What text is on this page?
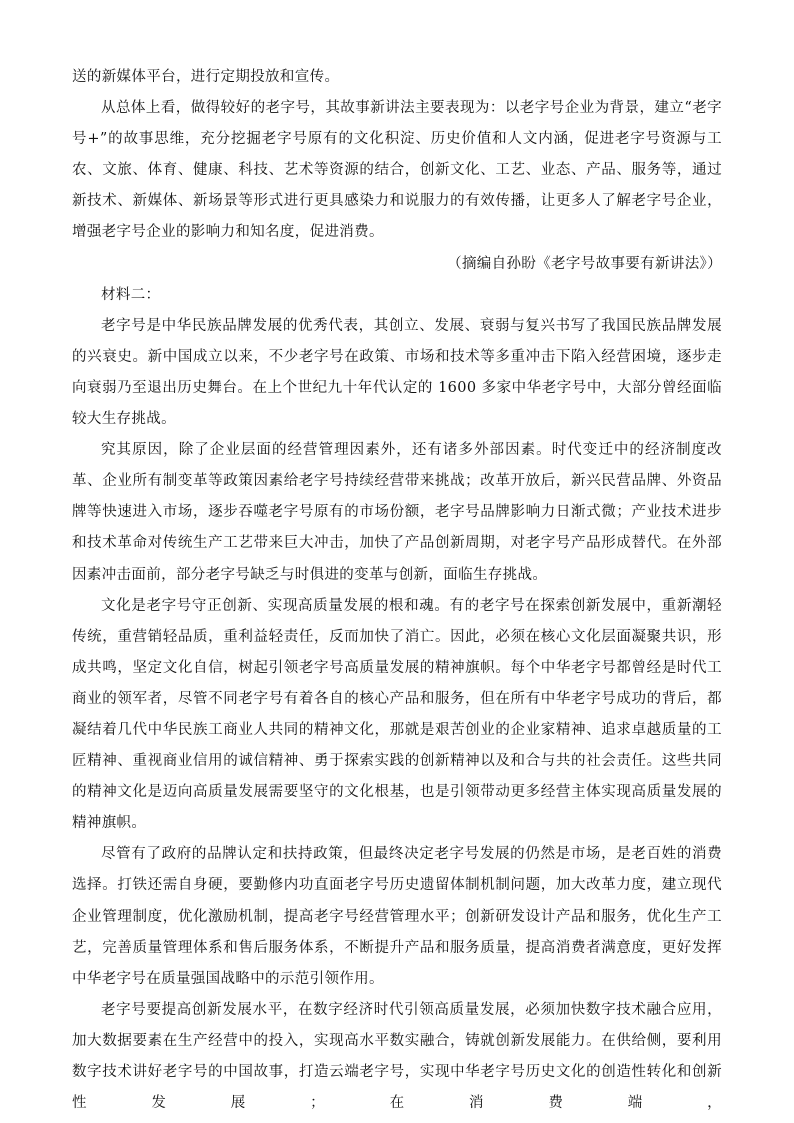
送的新媒体平台，进行定期投放和宣传。

从总体上看，做得较好的老字号，其故事新讲法主要表现为：以老字号企业为背景，建立“老字号+”的故事思维，充分挖掘老字号原有的文化积淀、历史价值和人文内涵，促进老字号资源与工农、文旅、体育、健康、科技、艺术等资源的结合，创新文化、工艺、业态、产品、服务等，通过新技术、新媒体、新场景等形式进行更具感染力和说服力的有效传播，让更多人了解老字号企业，增强老字号企业的影响力和知名度，促进消费。

（摘编自孙盼《老字号故事要有新讲法》）

材料二：

老字号是中华民族品牌发展的优秀代表，其创立、发展、衰弱与复兴书写了我国民族品牌发展的兴衰史。新中国成立以来，不少老字号在政策、市场和技术等多重冲击下陷入经营困境，逐步走向衰弱乃至退出历史舞台。在上个世纪九十年代认定的 1600 多家中华老字号中，大部分曾经面临较大生存挑战。

究其原因，除了企业层面的经营管理因素外，还有诸多外部因素。时代变迁中的经济制度改革、企业所有制变革等政策因素给老字号持续经营带来挑战；改革开放后，新兴民营品牌、外资品牌等快速进入市场，逐步吞噬老字号原有的市场份额，老字号品牌影响力日渐式微；产业技术进步和技术革命对传统生产工艺带来巨大冲击，加快了产品创新周期，对老字号产品形成替代。在外部因素冲击面前，部分老字号缺乏与时俱进的变革与创新，面临生存挑战。

文化是老字号守正创新、实现高质量发展的根和魂。有的老字号在探索创新发展中，重新潮轻传统，重营销轻品质，重利益轻责任，反而加快了消亡。因此，必须在核心文化层面凝聚共识，形成共鸣，坚定文化自信，树起引领老字号高质量发展的精神旗帜。每个中华老字号都曾经是时代工商业的领军者，尽管不同老字号有着各自的核心产品和服务，但在所有中华老字号成功的背后，都凝结着几代中华民族工商业人共同的精神文化，那就是艰苦创业的企业家精神、追求卓越质量的工匠精神、重视商业信用的诚信精神、勇于探索实践的创新精神以及和合与共的社会责任。这些共同的精神文化是迈向高质量发展需要坚守的文化根基，也是引领带动更多经营主体实现高质量发展的精神旗帜。

尽管有了政府的品牌认定和扶持政策，但最终决定老字号发展的仍然是市场，是老百姓的消费选择。打铁还需自身硬，要勤修内功直面老字号历史遗留体制机制问题，加大改革力度，建立现代企业管理制度，优化激励机制，提高老字号经营管理水平；创新研发设计产品和服务，优化生产工艺，完善质量管理体系和售后服务体系，不断提升产品和服务质量，提高消费者满意度，更好发挥中华老字号在质量强国战略中的示范引领作用。

老字号要提高创新发展水平，在数字经济时代引领高质量发展，必须加快数字技术融合应用，加大数据要素在生产经营中的投入，实现高水平数实融合，铸就创新发展能力。在供给侧，要利用数字技术讲好老字号的中国故事，打造云端老字号，实现中华老字号历史文化的创造性转化和创新性发展；在消费端，
